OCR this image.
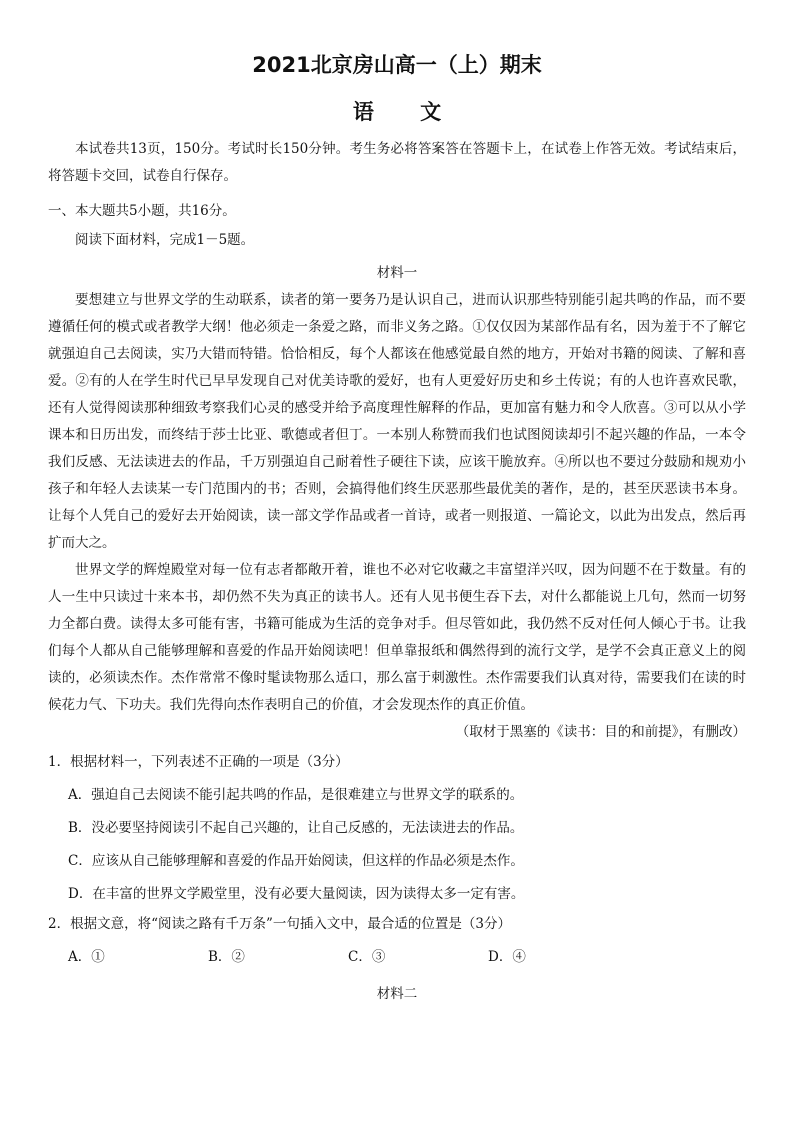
2021北京房山高一（上）期末
语文

本试卷共13页，150分。考试时长150分钟。考生务必将答案答在答题卡上，在试卷上作答无效。考试结束后，将答题卡交回，试卷自行保存。

一、本大题共5小题，共16分。

阅读下面材料，完成1－5题。

材料一

要想建立与世界文学的生动联系，读者的第一要务乃是认识自己，进而认识那些特别能引起共鸣的作品，而不要遵循任何的模式或者教学大纲！他必须走一条爱之路，而非义务之路。①仅仅因为某部作品有名，因为羞于不了解它就强迫自己去阅读，实乃大错而特错。恰恰相反，每个人都该在他感觉最自然的地方，开始对书籍的阅读、了解和喜爱。②有的人在学生时代已早早发现自己对优美诗歌的爱好，也有人更爱好历史和乡土传说；有的人也许喜欢民歌，还有人觉得阅读那种细致考察我们心灵的感受并给予高度理性解释的作品，更加富有魅力和令人欣喜。③可以从小学课本和日历出发，而终结于莎士比亚、歌德或者但丁。一本别人称赞而我们也试图阅读却引不起兴趣的作品，一本令我们反感、无法读进去的作品，千万别强迫自己耐着性子硬往下读，应该干脆放弃。④所以也不要过分鼓励和规劝小孩子和年轻人去读某一专门范围内的书；否则，会搞得他们终生厌恶那些最优美的著作，是的，甚至厌恶读书本身。让每个人凭自己的爱好去开始阅读，读一部文学作品或者一首诗，或者一则报道、一篇论文，以此为出发点，然后再扩而大之。

世界文学的辉煌殿堂对每一位有志者都敞开着，谁也不必对它收藏之丰富望洋兴叹，因为问题不在于数量。有的人一生中只读过十来本书，却仍然不失为真正的读书人。还有人见书便生吞下去，对什么都能说上几句，然而一切努力全都白费。读得太多可能有害，书籍可能成为生活的竞争对手。但尽管如此，我仍然不反对任何人倾心于书。让我们每个人都从自己能够理解和喜爱的作品开始阅读吧！但单靠报纸和偶然得到的流行文学，是学不会真正意义上的阅读的，必须读杰作。杰作常常不像时髦读物那么适口，那么富于刺激性。杰作需要我们认真对待，需要我们在读的时候花力气、下功夫。我们先得向杰作表明自己的价值，才会发现杰作的真正价值。

（取材于黑塞的《读书：目的和前提》，有删改）

1．根据材料一，下列表述不正确的一项是（3分）

A．强迫自己去阅读不能引起共鸣的作品，是很难建立与世界文学的联系的。

B．没必要坚持阅读引不起自己兴趣的，让自己反感的，无法读进去的作品。

C．应该从自己能够理解和喜爱的作品开始阅读，但这样的作品必须是杰作。

D．在丰富的世界文学殿堂里，没有必要大量阅读，因为读得太多一定有害。

2．根据文意，将“阅读之路有千万条”一句插入文中，最合适的位置是（3分）

A．①	B．②	C．③	D．④

材料二
